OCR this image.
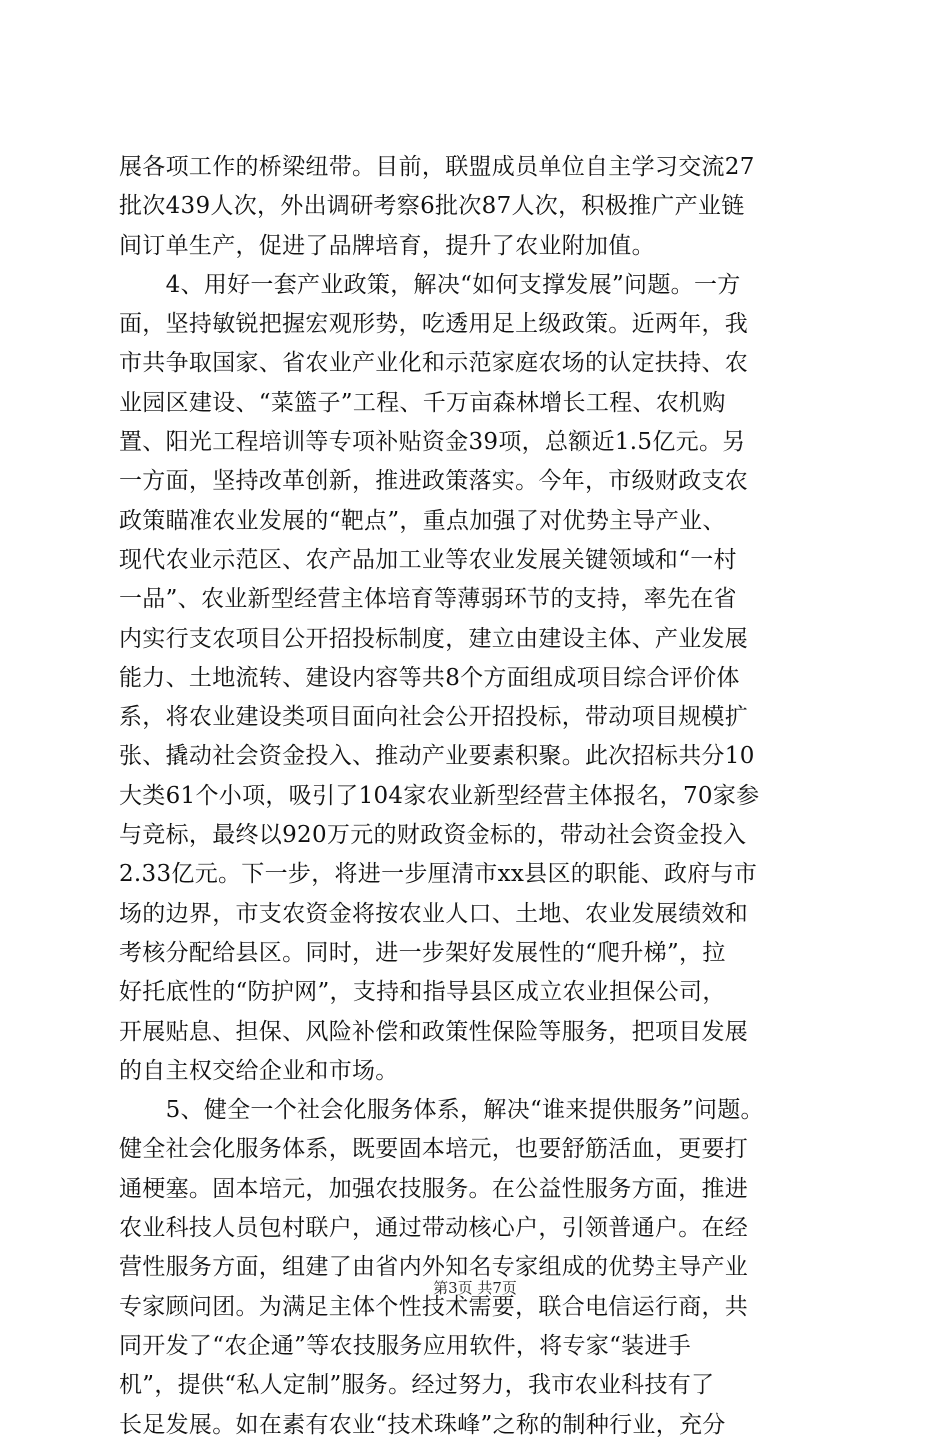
展各项工作的桥梁纽带。目前，联盟成员单位自主学习交流27
批次439人次，外出调研考察6批次87人次，积极推广产业链
间订单生产，促进了品牌培育，提升了农业附加值。
　　4、用好一套产业政策，解决“如何支撑发展”问题。一方
面，坚持敏锐把握宏观形势，吃透用足上级政策。近两年，我
市共争取国家、省农业产业化和示范家庭农场的认定扶持、农
业园区建设、“菜篮子”工程、千万亩森林增长工程、农机购
置、阳光工程培训等专项补贴资金39项，总额近1.5亿元。另
一方面，坚持改革创新，推进政策落实。今年，市级财政支农
政策瞄准农业发展的“靶点”，重点加强了对优势主导产业、
现代农业示范区、农产品加工业等农业发展关键领域和“一村
一品”、农业新型经营主体培育等薄弱环节的支持，率先在省
内实行支农项目公开招投标制度，建立由建设主体、产业发展
能力、土地流转、建设内容等共8个方面组成项目综合评价体
系，将农业建设类项目面向社会公开招投标，带动项目规模扩
张、撬动社会资金投入、推动产业要素积聚。此次招标共分10
大类61个小项，吸引了104家农业新型经营主体报名，70家参
与竞标，最终以920万元的财政资金标的，带动社会资金投入
2.33亿元。下一步，将进一步厘清市xx县区的职能、政府与市
场的边界，市支农资金将按农业人口、土地、农业发展绩效和
考核分配给县区。同时，进一步架好发展性的“爬升梯”，拉
好托底性的“防护网”，支持和指导县区成立农业担保公司，
开展贴息、担保、风险补偿和政策性保险等服务，把项目发展
的自主权交给企业和市场。
　　5、健全一个社会化服务体系，解决“谁来提供服务”问题。
健全社会化服务体系，既要固本培元，也要舒筋活血，更要打
通梗塞。固本培元，加强农技服务。在公益性服务方面，推进
农业科技人员包村联户，通过带动核心户，引领普通户。在经
营性服务方面，组建了由省内外知名专家组成的优势主导产业
专家顾问团。为满足主体个性技术需要，联合电信运行商，共
同开发了“农企通”等农技服务应用软件，将专家“装进手
机”，提供“私人定制”服务。经过努力，我市农业科技有了
长足发展。如在素有农业“技术珠峰”之称的制种行业，充分
第3页 共7页
